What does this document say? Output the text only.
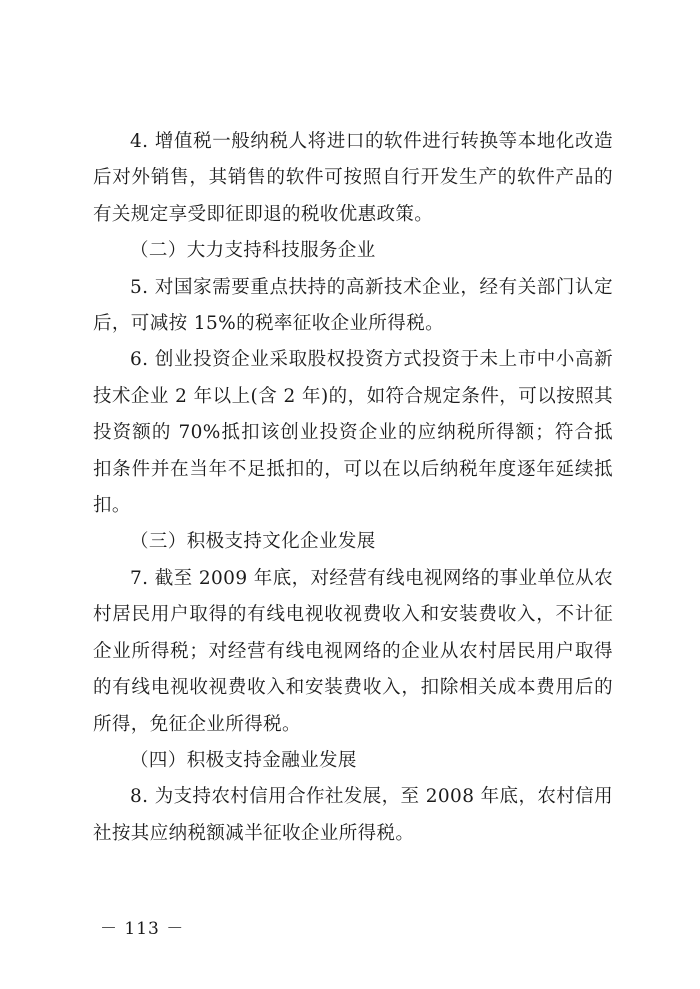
4. 增值税一般纳税人将进口的软件进行转换等本地化改造后对外销售，其销售的软件可按照自行开发生产的软件产品的有关规定享受即征即退的税收优惠政策。

（二）大力支持科技服务企业

5. 对国家需要重点扶持的高新技术企业，经有关部门认定后，可减按 15%的税率征收企业所得税。

6. 创业投资企业采取股权投资方式投资于未上市中小高新技术企业 2 年以上(含 2 年)的，如符合规定条件，可以按照其投资额的 70%抵扣该创业投资企业的应纳税所得额；符合抵扣条件并在当年不足抵扣的，可以在以后纳税年度逐年延续抵扣。

（三）积极支持文化企业发展

7. 截至 2009 年底，对经营有线电视网络的事业单位从农村居民用户取得的有线电视收视费收入和安装费收入，不计征企业所得税；对经营有线电视网络的企业从农村居民用户取得的有线电视收视费收入和安装费收入，扣除相关成本费用后的所得，免征企业所得税。

（四）积极支持金融业发展

8. 为支持农村信用合作社发展，至 2008 年底，农村信用社按其应纳税额减半征收企业所得税。

－ 113 －
